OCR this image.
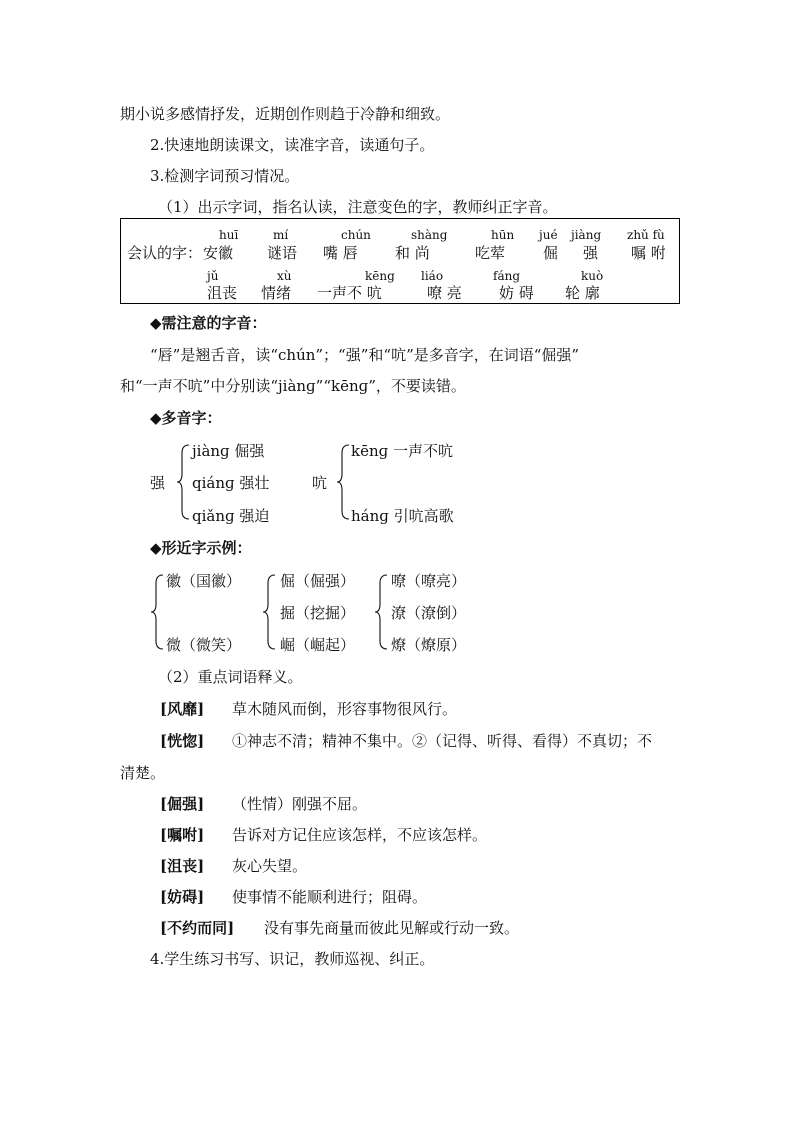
期小说多感情抒发，近期创作则趋于冷静和细致。
2.快速地朗读课文，读准字音，读通句子。
3.检测字词预习情况。
（1）出示字词，指名认读，注意变色的字，教师纠正字音。
会认的字：
huī
安徽
mí
谜语
chún
嘴 唇
shàng
和 尚
hūn
吃荤
jué
倔
jiàng
强
zhǔ fù
嘱 咐
jǔ
沮丧
xù
情绪
kēng
一声不 吭
liáo
嘹 亮
fáng
妨 碍
kuò
轮 廓
◆需注意的字音：
“唇”是翘舌音，读“chún”；“强”和“吭”是多音字，在词语“倔强”
和“一声不吭”中分别读“jiànɡ”“kēnɡ”，不要读错。
◆多音字：
强
jiànɡ 倔强
qiánɡ 强壮
qiǎnɡ 强迫
吭
kēnɡ 一声不吭
hánɡ 引吭高歌
◆形近字示例：
徽（国徽）
微（微笑）
倔（倔强）
掘（挖掘）
崛（崛起）
嘹（嘹亮）
潦（潦倒）
燎（燎原）
（2）重点词语释义。
[风靡] 草木随风而倒，形容事物很风行。
[恍惚] ①神志不清；精神不集中。②（记得、听得、看得）不真切；不
清楚。
[倔强] （性情）刚强不屈。
[嘱咐] 告诉对方记住应该怎样，不应该怎样。
[沮丧] 灰心失望。
[妨碍] 使事情不能顺利进行；阻碍。
[不约而同] 没有事先商量而彼此见解或行动一致。
4.学生练习书写、识记，教师巡视、纠正。
